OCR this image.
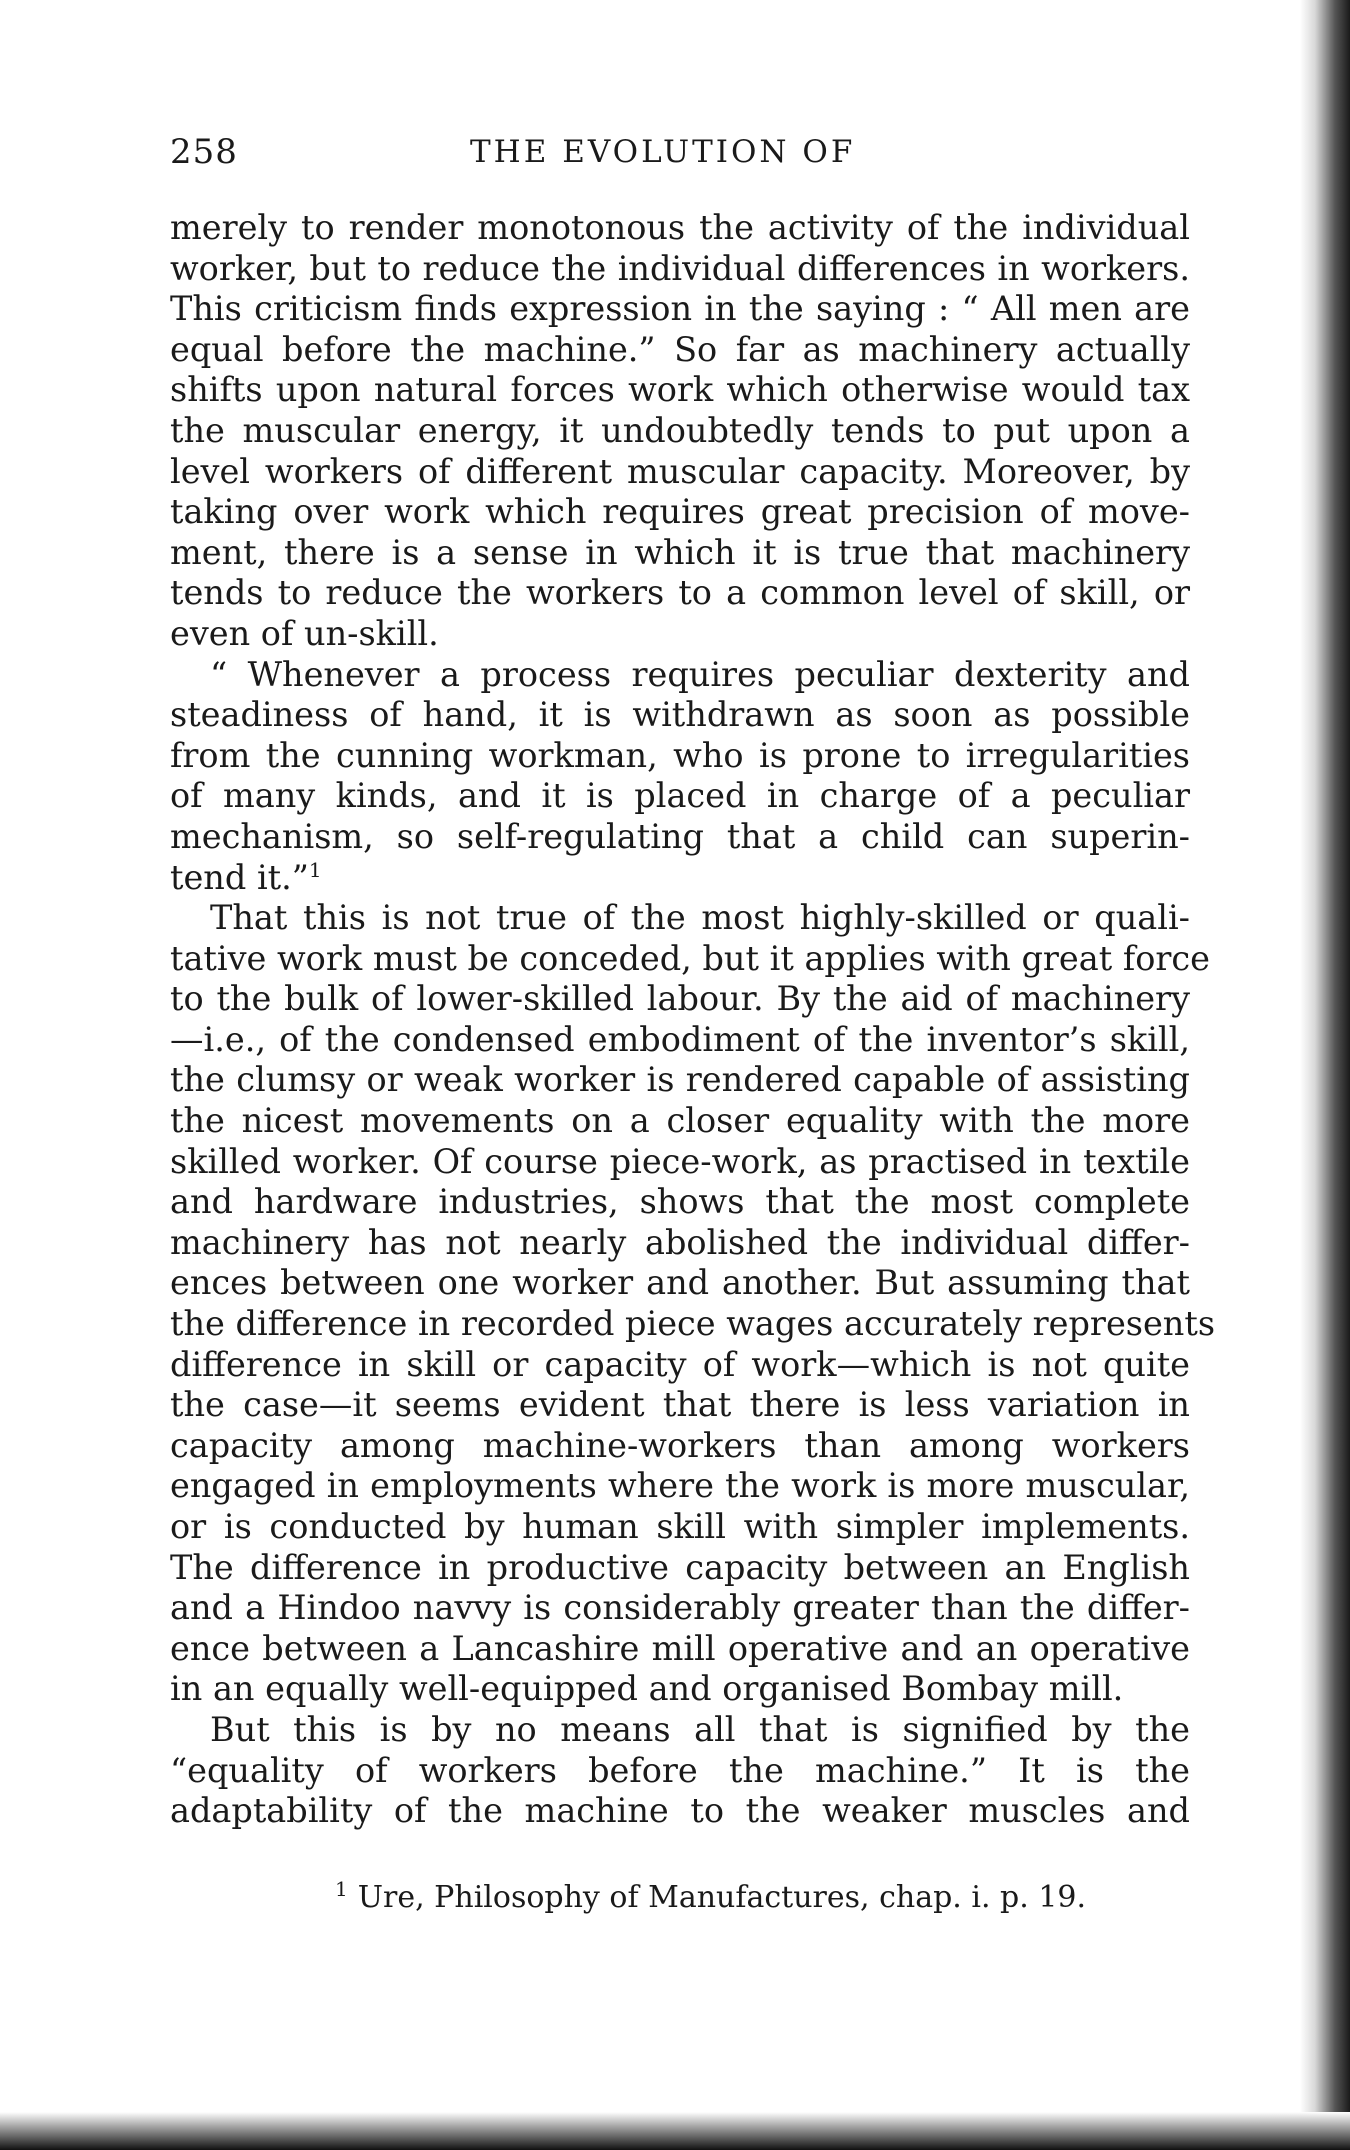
258	THE EVOLUTION OF
merely to render monotonous the activity of the individual
worker, but to reduce the individual differences in workers.
This criticism finds expression in the saying : “ All men are
equal before the machine.” So far as machinery actually
shifts upon natural forces work which otherwise would tax
the muscular energy, it undoubtedly tends to put upon a
level workers of different muscular capacity. Moreover, by
taking over work which requires great precision of move-
ment, there is a sense in which it is true that machinery
tends to reduce the workers to a common level of skill, or
even of un-skill.
“ Whenever a process requires peculiar dexterity and
steadiness of hand, it is withdrawn as soon as possible
from the cunning workman, who is prone to irregularities
of many kinds, and it is placed in charge of a peculiar
mechanism, so self-regulating that a child can superin-
tend it.”$^1$
That this is not true of the most highly-skilled or quali-
tative work must be conceded, but it applies with great force
to the bulk of lower-skilled labour. By the aid of machinery
—i.e., of the condensed embodiment of the inventor’s skill,
the clumsy or weak worker is rendered capable of assisting
the nicest movements on a closer equality with the more
skilled worker. Of course piece-work, as practised in textile
and hardware industries, shows that the most complete
machinery has not nearly abolished the individual differ-
ences between one worker and another. But assuming that
the difference in recorded piece wages accurately represents
difference in skill or capacity of work—which is not quite
the case—it seems evident that there is less variation in
capacity among machine-workers than among workers
engaged in employments where the work is more muscular,
or is conducted by human skill with simpler implements.
The difference in productive capacity between an English
and a Hindoo navvy is considerably greater than the differ-
ence between a Lancashire mill operative and an operative
in an equally well-equipped and organised Bombay mill.
But this is by no means all that is signified by the
“equality of workers before the machine.” It is the
adaptability of the machine to the weaker muscles and
$^1$ Ure, Philosophy of Manufactures, chap. i. p. 19.
